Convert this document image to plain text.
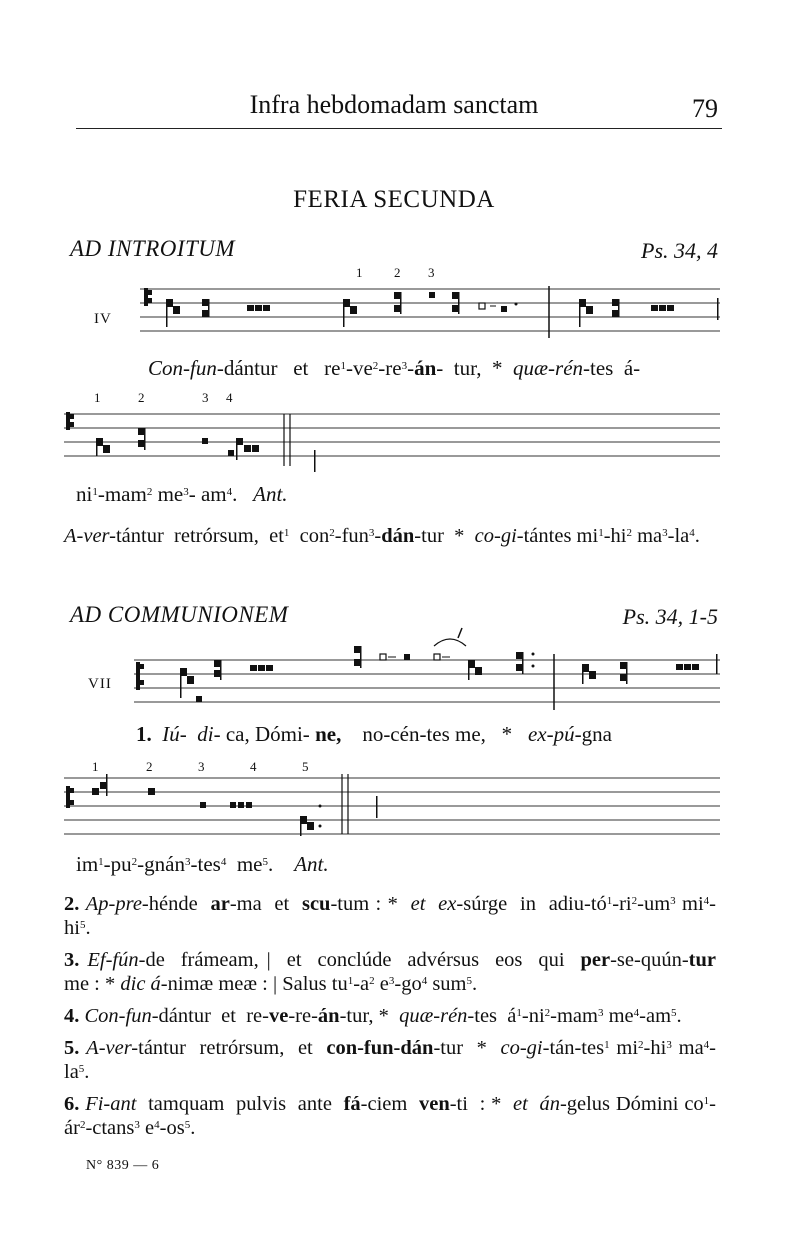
Infra hebdomadam sanctam	79
FERIA SECUNDA
AD INTROITUM	Ps. 34, 4
1 2 3
IV
Con-fun-dántur   et   $re^1-ve^2-re^3-án-$  tur,  *  quæ-rén-tes  á-
1	2	3 4
$ni^1-mam^2$ $me^3-$ $am^4$.   Ant.

A-ver-tántur  retrórsum,  $et^1$  con$^2$-fun$^3$-dán-tur  *  co-gi-tántes $mi^1-hi^2$ $ma^3-la^4$.

AD COMMUNIONEM	Ps. 34, 1-5
VII
1. Iú- di- ca, Dómi- ne,    no-cén-tes me,   *   ex-pú-gna
1	2	3	4	5
$im^1-pu^2-gnán^3-tes^4$  $me^5$.    Ant.

2. Ap-pre-hénde  ar-ma  et  scu-tum : *  et  ex-súrge  in  adiu-$tó^1-ri^2-um^3$ $mi^4-hi^5$.

3. Ef-fún-de  frámeam, |  et  conclúde  advérsus  eos  qui  per-se-quún-tur me : * dic á-nimæ meæ : | Salus $tu^1-a^2$ $e^3-go^4$ sum$^5$.

4. Con-fun-dántur  et  re-ve-re-án-tur, *  quæ-rén-tes  $á^1-ni^2-mam^3$ $me^4-am^5$.

5. A-ver-tántur  retrórsum,  et  con-fun-dán-tur  *  co-gi-tán-tes$^1$ $mi^2-hi^3$ $ma^4-la^5$.

6. Fi-ant  tamquam  pulvis  ante  fá-ciem  ven-ti  : *  et  án-gelus Dómini $co^1-ár^2-ctans^3$ $e^4-os^5$.

N° 839 — 6
